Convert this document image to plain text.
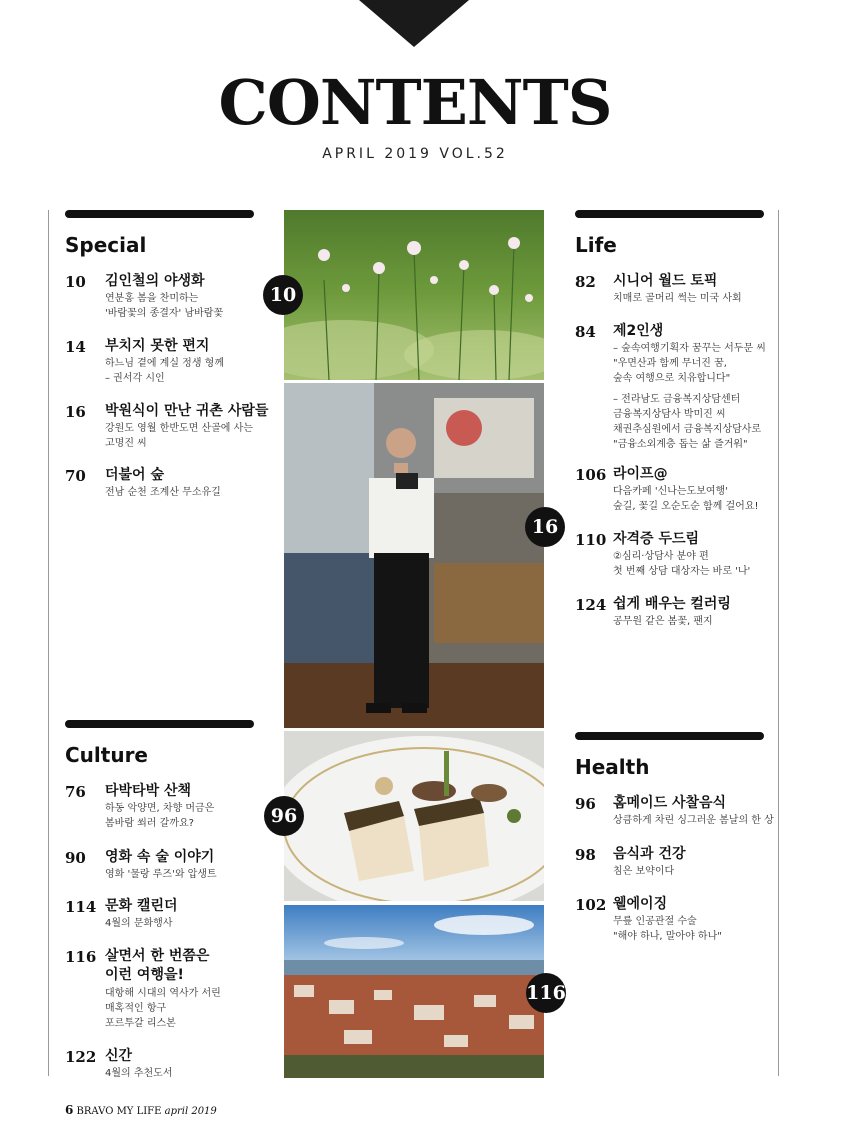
CONTENTS
APRIL 2019 VOL.52
Special
10 김인철의 야생화
연분홍 봄을 찬미하는
'바람꽃의 종결자' 남바람꽃
14 부치지 못한 편지
하느님 곁에 계실 정생 형께
– 권서각 시인
16 박원식이 만난 귀촌 사람들
강원도 영월 한반도면 산골에 사는
고명진 씨
70 더불어 숲
전남 순천 조계산 무소유길
Culture
76 타박타박 산책
하동 악양면, 차향 머금은
봄바람 쐬러 갈까요?
90 영화 속 술 이야기
영화 '물랑 루즈'와 압생트
114 문화 캘린더
4월의 문화행사
116 살면서 한 번쯤은
이런 여행을!
대항해 시대의 역사가 서린
매혹적인 항구
포르투갈 리스본
122 신간
4월의 추천도서
10
16
96
116
Life
82 시니어 월드 토픽
치매로 골머리 썩는 미국 사회
84 제2인생
– 숲속여행기획자 꿈꾸는 서두문 씨
"우면산과 함께 무너진 꿈,
숲속 여행으로 치유합니다"
– 전라남도 금융복지상담센터
금융복지상담사 박미진 씨
채권추심원에서 금융복지상담사로
"금융소외계층 돕는 삶 즐거워"
106 라이프@
다음카페 '신나는도보여행'
숲길, 꽃길 오순도순 함께 걸어요!
110 자격증 두드림
②심리·상담사 분야 편
첫 번째 상담 대상자는 바로 '나'
124 쉽게 배우는 컬러링
공무원 같은 봄꽃, 팬지
Health
96 홈메이드 사찰음식
상큼하게 차린 싱그러운 봄날의 한 상
98 음식과 건강
침은 보약이다
102 웰에이징
무릎 인공관절 수술
"해야 하나, 말아야 하나"
6 BRAVO MY LIFE april 2019
